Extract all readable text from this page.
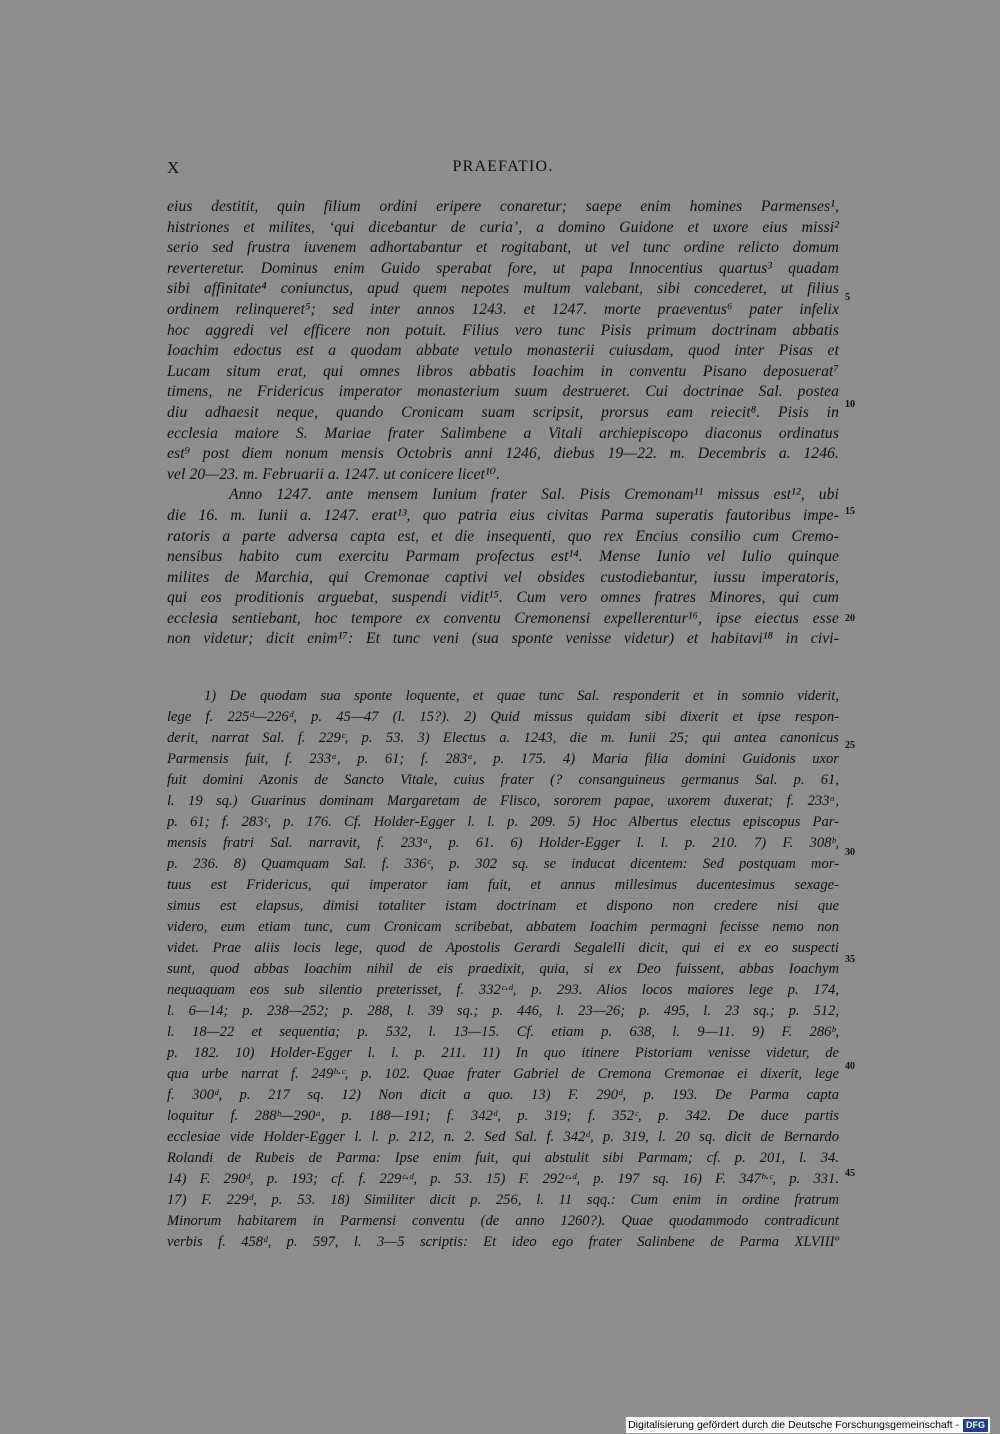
X	PRAEFATIO.
eius destitit, quin filium ordini eripere conaretur; saepe enim homines Parmenses¹,
histriones et milites, ‘qui dicebantur de curia’, a domino Guidone et uxore eius missi²
serio sed frustra iuvenem adhortabantur et rogitabant, ut vel tunc ordine relicto domum
reverteretur. Dominus enim Guido sperabat fore, ut papa Innocentius quartus³ quadam
sibi affinitate⁴ coniunctus, apud quem nepotes multum valebant, sibi concederet, ut filius
ordinem relinqueret⁵; sed inter annos 1243. et 1247. morte praeventus⁶ pater infelix
hoc aggredi vel efficere non potuit. Filius vero tunc Pisis primum doctrinam abbatis
Ioachim edoctus est a quodam abbate vetulo monasterii cuiusdam, quod inter Pisas et
Lucam situm erat, qui omnes libros abbatis Ioachim in conventu Pisano deposuerat⁷
timens, ne Fridericus imperator monasterium suum destrueret. Cui doctrinae Sal. postea
diu adhaesit neque, quando Cronicam suam scripsit, prorsus eam reiecit⁸. Pisis in
ecclesia maiore S. Mariae frater Salimbene a Vitali archiepiscopo diaconus ordinatus
est⁹ post diem nonum mensis Octobris anni 1246, diebus 19—22. m. Decembris a. 1246.
vel 20—23. m. Februarii a. 1247. ut conicere licet¹⁰.
Anno 1247. ante mensem Iunium frater Sal. Pisis Cremonam¹¹ missus est¹², ubi
die 16. m. Iunii a. 1247. erat¹³, quo patria eius civitas Parma superatis fautoribus impe-
ratoris a parte adversa capta est, et die insequenti, quo rex Encius consilio cum Cremo-
nensibus habito cum exercitu Parmam profectus est¹⁴. Mense Iunio vel Iulio quinque
milites de Marchia, qui Cremonae captivi vel obsides custodiebantur, iussu imperatoris,
qui eos proditionis arguebat, suspendi vidit¹⁵. Cum vero omnes fratres Minores, qui cum
ecclesia sentiebant, hoc tempore ex conventu Cremonensi expellerentur¹⁶, ipse eiectus esse
non videtur; dicit enim¹⁷: Et tunc veni (sua sponte venisse videtur) et habitavi¹⁸ in civi-
1) De quodam sua sponte loquente, et quae tunc Sal. responderit et in somnio viderit,
lege f. 225ᵈ—226ᵈ, p. 45—47 (l. 15?). 2) Quid missus quidam sibi dixerit et ipse respon-
derit, narrat Sal. f. 229ᶜ, p. 53. 3) Electus a. 1243, die m. Iunii 25; qui antea canonicus
Parmensis fuit, f. 233ᵃ, p. 61; f. 283ᵃ, p. 175. 4) Maria filia domini Guidonis uxor
fuit domini Azonis de Sancto Vitale, cuius frater (? consanguineus germanus Sal. p. 61,
l. 19 sq.) Guarinus dominam Margaretam de Flisco, sororem papae, uxorem duxerat; f. 233ᵃ,
p. 61; f. 283ᶜ, p. 176. Cf. Holder-Egger l. l. p. 209. 5) Hoc Albertus electus episcopus Par-
mensis fratri Sal. narravit, f. 233ᵃ, p. 61. 6) Holder-Egger l. l. p. 210. 7) F. 308ᵇ,
p. 236. 8) Quamquam Sal. f. 336ᶜ, p. 302 sq. se inducat dicentem: Sed postquam mor-
tuus est Fridericus, qui imperator iam fuit, et annus millesimus ducentesimus sexage-
simus est elapsus, dimisi totaliter istam doctrinam et dispono non credere nisi que
videro, eum etiam tunc, cum Cronicam scribebat, abbatem Ioachim permagni fecisse nemo non
videt. Prae aliis locis lege, quod de Apostolis Gerardi Segalelli dicit, qui ei ex eo suspecti
sunt, quod abbas Ioachim nihil de eis praedixit, quia, si ex Deo fuissent, abbas Ioachym
nequaquam eos sub silentio preterisset, f. 332ᶜ·ᵈ, p. 293. Alios locos maiores lege p. 174,
l. 6—14; p. 238—252; p. 288, l. 39 sq.; p. 446, l. 23—26; p. 495, l. 23 sq.; p. 512,
l. 18—22 et sequentia; p. 532, l. 13—15. Cf. etiam p. 638, l. 9—11. 9) F. 286ᵇ,
p. 182. 10) Holder-Egger l. l. p. 211. 11) In quo itinere Pistoriam venisse videtur, de
qua urbe narrat f. 249ᵇ·ᶜ, p. 102. Quae frater Gabriel de Cremona Cremonae ei dixerit, lege
f. 300ᵈ, p. 217 sq. 12) Non dicit a quo. 13) F. 290ᵈ, p. 193. De Parma capta
loquitur f. 288ᵇ—290ᵃ, p. 188—191; f. 342ᵈ, p. 319; f. 352ᶜ, p. 342. De duce partis
ecclesiae vide Holder-Egger l. l. p. 212, n. 2. Sed Sal. f. 342ᵈ, p. 319, l. 20 sq. dicit de Bernardo
Rolandi de Rubeis de Parma: Ipse enim fuit, qui abstulit sibi Parmam; cf. p. 201, l. 34.
14) F. 290ᵈ, p. 193; cf. f. 229ᶜ·ᵈ, p. 53. 15) F. 292ᶜ·ᵈ, p. 197 sq. 16) F. 347ᵇ·ᶜ, p. 331.
17) F. 229ᵈ, p. 53. 18) Similiter dicit p. 256, l. 11 sqq.: Cum enim in ordine fratrum
Minorum habitarem in Parmensi conventu (de anno 1260?). Quae quodammodo contradicunt
verbis f. 458ᵈ, p. 597, l. 3—5 scriptis: Et ideo ego frater Salinbene de Parma XLVIIIº
5
10
15
20
25
30
35
40
45
Digitalisierung gefördert durch die Deutsche Forschungsgemeinschaft - DFG
